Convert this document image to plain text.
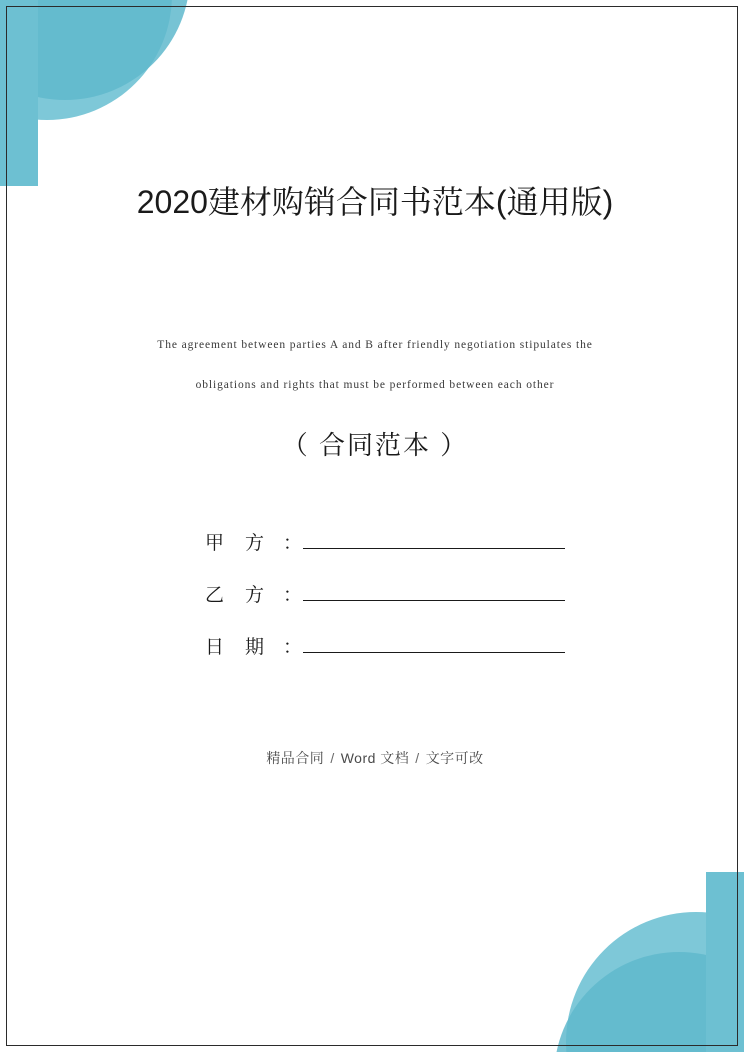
2020建材购销合同书范本(通用版)
The agreement between parties A and B after friendly negotiation stipulates the
obligations and rights that must be performed between each other
（ 合同范本 ）
甲　方 ：
乙　方 ：
日　期 ：
精品合同 / Word 文档 / 文字可改
